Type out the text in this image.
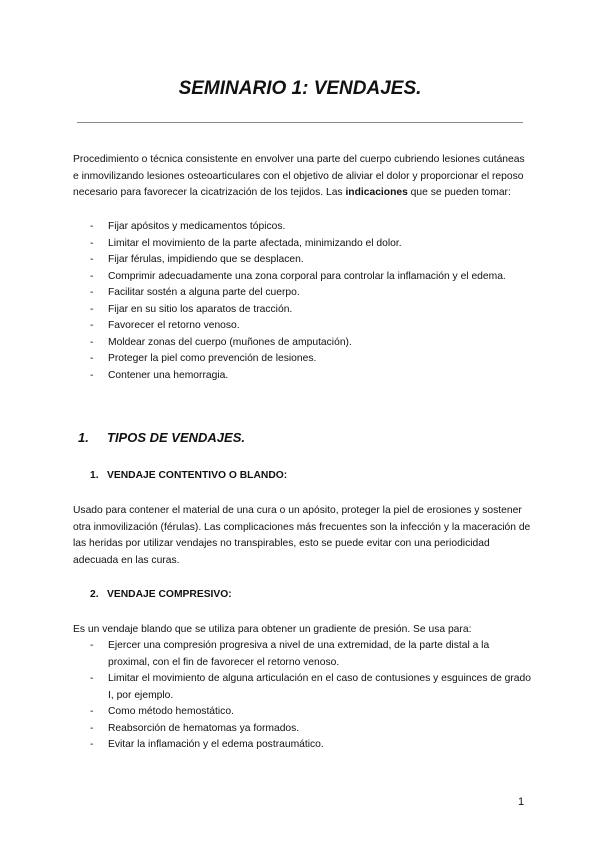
SEMINARIO 1: VENDAJES.

Procedimiento o técnica consistente en envolver una parte del cuerpo cubriendo lesiones cutáneas e inmovilizando lesiones osteoarticulares con el objetivo de aliviar el dolor y proporcionar el reposo necesario para favorecer la cicatrización de los tejidos. Las indicaciones que se pueden tomar:

- Fijar apósitos y medicamentos tópicos.
- Limitar el movimiento de la parte afectada, minimizando el dolor.
- Fijar férulas, impidiendo que se desplacen.
- Comprimir adecuadamente una zona corporal para controlar la inflamación y el edema.
- Facilitar sostén a alguna parte del cuerpo.
- Fijar en su sitio los aparatos de tracción.
- Favorecer el retorno venoso.
- Moldear zonas del cuerpo (muñones de amputación).
- Proteger la piel como prevención de lesiones.
- Contener una hemorragia.
1. TIPOS DE VENDAJES.
1. VENDAJE CONTENTIVO O BLANDO:

Usado para contener el material de una cura o un apósito, proteger la piel de erosiones y sostener otra inmovilización (férulas). Las complicaciones más frecuentes son la infección y la maceración de las heridas por utilizar vendajes no transpirables, esto se puede evitar con una periodicidad adecuada en las curas.

2. VENDAJE COMPRESIVO:

Es un vendaje blando que se utiliza para obtener un gradiente de presión. Se usa para:

- Ejercer una compresión progresiva a nivel de una extremidad, de la parte distal a la proximal, con el fin de favorecer el retorno venoso.
- Limitar el movimiento de alguna articulación en el caso de contusiones y esguinces de grado I, por ejemplo.
- Como método hemostático.
- Reabsorción de hematomas ya formados.
- Evitar la inflamación y el edema postraumático.
1
